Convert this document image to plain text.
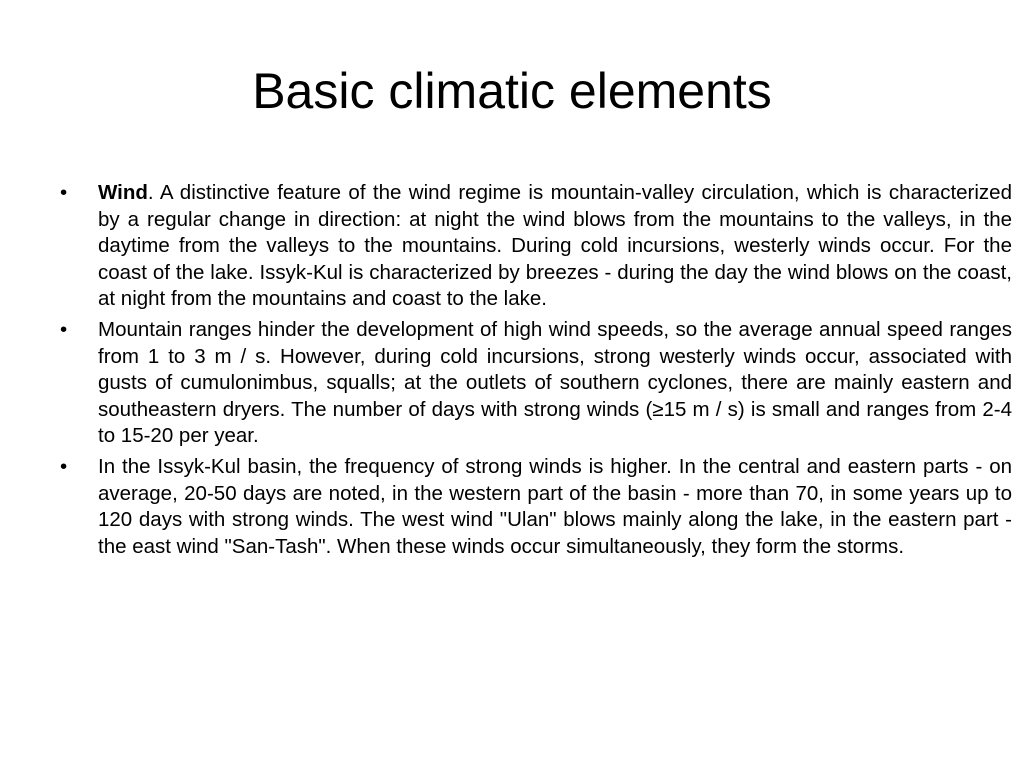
Basic climatic elements
• Wind. A distinctive feature of the wind regime is mountain-valley circulation, which is characterized by a regular change in direction: at night the wind blows from the mountains to the valleys, in the daytime from the valleys to the mountains. During cold incursions, westerly winds occur. For the coast of the lake. Issyk-Kul is characterized by breezes - during the day the wind blows on the coast, at night from the mountains and coast to the lake.
• Mountain ranges hinder the development of high wind speeds, so the average annual speed ranges from 1 to 3 m / s. However, during cold incursions, strong westerly winds occur, associated with gusts of cumulonimbus, squalls; at the outlets of southern cyclones, there are mainly eastern and southeastern dryers. The number of days with strong winds (≥15 m / s) is small and ranges from 2-4 to 15-20 per year.
• In the Issyk-Kul basin, the frequency of strong winds is higher. In the central and eastern parts - on average, 20-50 days are noted, in the western part of the basin - more than 70, in some years up to 120 days with strong winds. The west wind "Ulan" blows mainly along the lake, in the eastern part - the east wind "San-Tash". When these winds occur simultaneously, they form the storms.
